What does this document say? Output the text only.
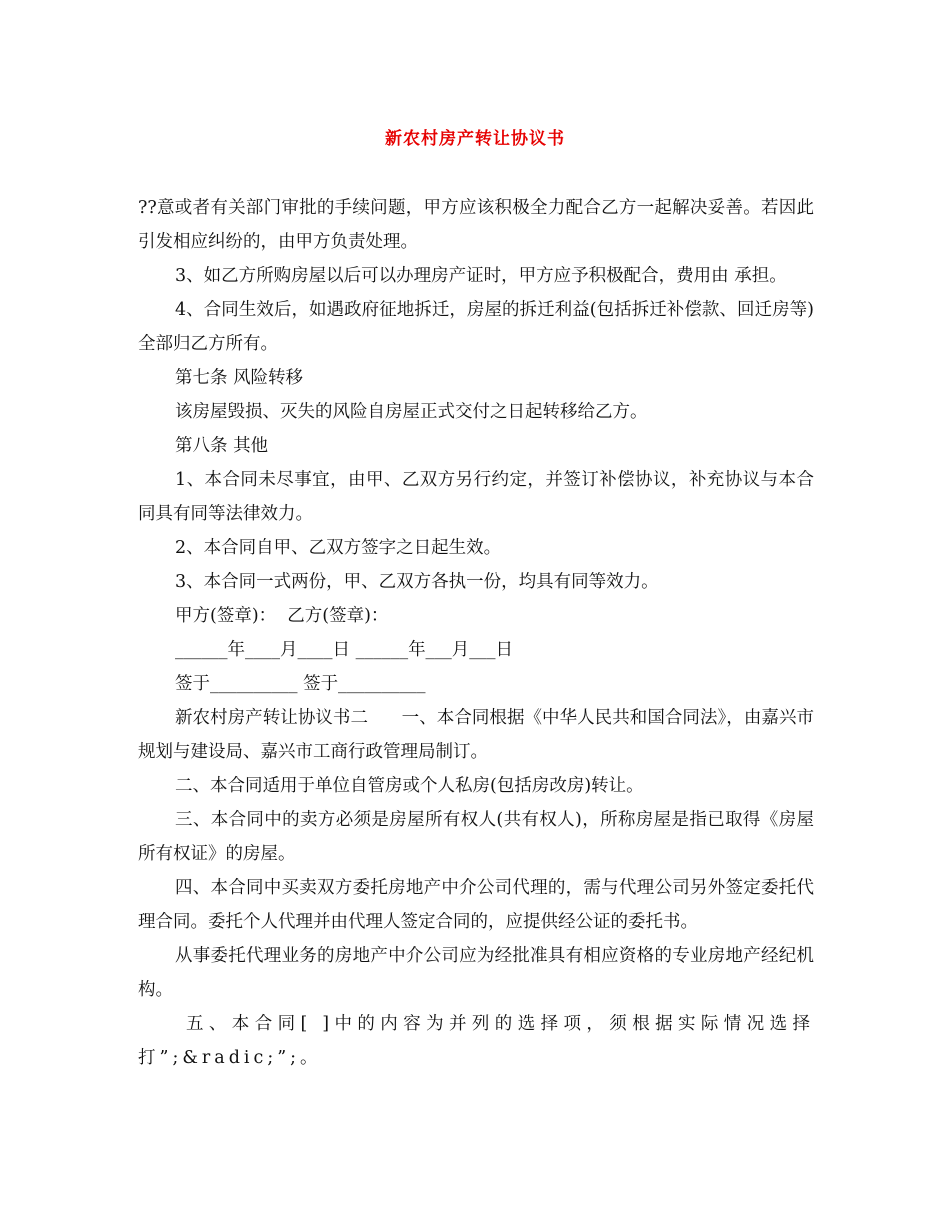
新农村房产转让协议书

??意或者有关部门审批的手续问题，甲方应该积极全力配合乙方一起解决妥善。若因此引发相应纠纷的，由甲方负责处理。

3、如乙方所购房屋以后可以办理房产证时，甲方应予积极配合，费用由 承担。

4、合同生效后，如遇政府征地拆迁，房屋的拆迁利益(包括拆迁补偿款、回迁房等)全部归乙方所有。

第七条 风险转移

该房屋毁损、灭失的风险自房屋正式交付之日起转移给乙方。

第八条 其他

1、本合同未尽事宜，由甲、乙双方另行约定，并签订补偿协议，补充协议与本合同具有同等法律效力。

2、本合同自甲、乙双方签字之日起生效。

3、本合同一式两份，甲、乙双方各执一份，均具有同等效力。

甲方(签章)：  乙方(签章)：

______年____月____日 ______年___月___日

签于__________ 签于__________

新农村房产转让协议书二      一、本合同根据《中华人民共和国合同法》，由嘉兴市规划与建设局、嘉兴市工商行政管理局制订。

二、本合同适用于单位自管房或个人私房(包括房改房)转让。

三、本合同中的卖方必须是房屋所有权人(共有权人)，所称房屋是指已取得《房屋所有权证》的房屋。

四、本合同中买卖双方委托房地产中介公司代理的，需与代理公司另外签定委托代理合同。委托个人代理并由代理人签定合同的，应提供经公证的委托书。

从事委托代理业务的房地产中介公司应为经批准具有相应资格的专业房地产经纪机构。

五、本合同[ ]中的内容为并列的选择项，须根据实际情况选择打”;&radic;”;。
